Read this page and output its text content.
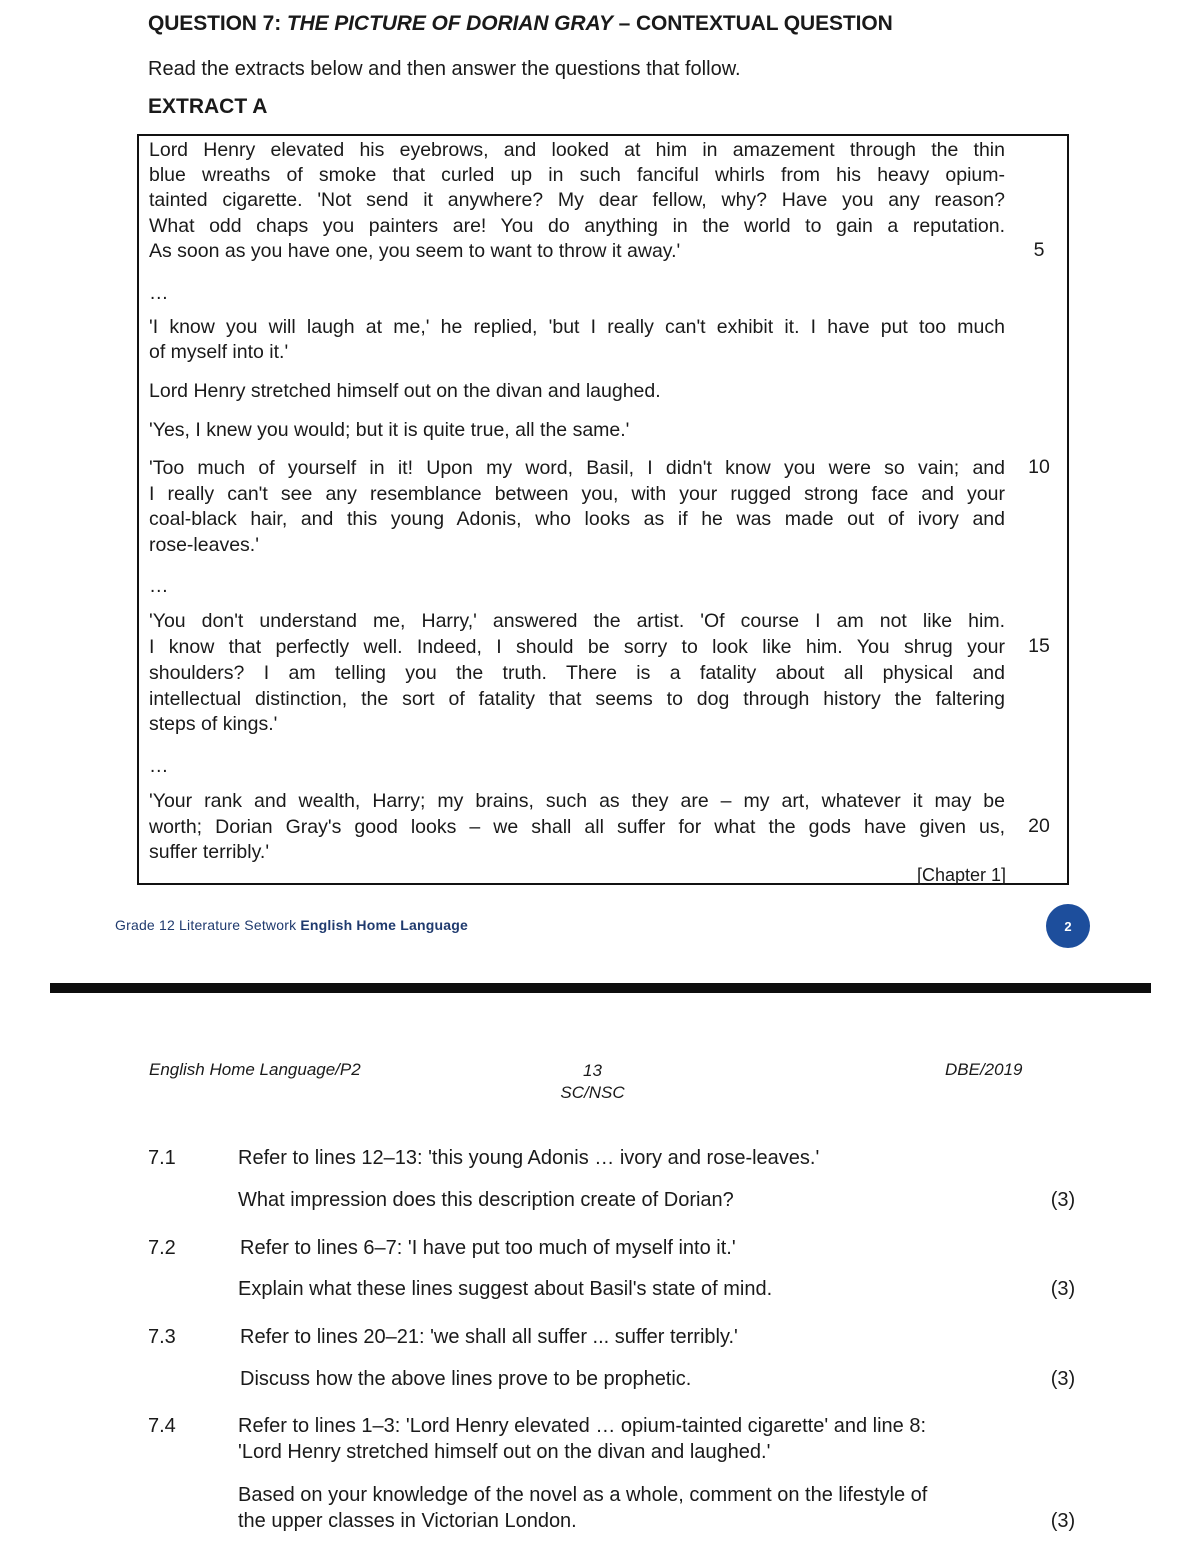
QUESTION 7: THE PICTURE OF DORIAN GRAY – CONTEXTUAL QUESTION
Read the extracts below and then answer the questions that follow.
EXTRACT A
Lord Henry elevated his eyebrows, and looked at him in amazement through the thin
blue wreaths of smoke that curled up in such fanciful whirls from his heavy opium-
tainted cigarette. 'Not send it anywhere? My dear fellow, why? Have you any reason?
What odd chaps you painters are! You do anything in the world to gain a reputation.
As soon as you have one, you seem to want to throw it away.'
…
'I know you will laugh at me,' he replied, 'but I really can't exhibit it. I have put too much
of myself into it.'
Lord Henry stretched himself out on the divan and laughed.
'Yes, I knew you would; but it is quite true, all the same.'
'Too much of yourself in it! Upon my word, Basil, I didn't know you were so vain; and
I really can't see any resemblance between you, with your rugged strong face and your
coal-black hair, and this young Adonis, who looks as if he was made out of ivory and
rose-leaves.'
…
'You don't understand me, Harry,' answered the artist. 'Of course I am not like him.
I know that perfectly well. Indeed, I should be sorry to look like him. You shrug your
shoulders? I am telling you the truth. There is a fatality about all physical and
intellectual distinction, the sort of fatality that seems to dog through history the faltering
steps of kings.'
…
'Your rank and wealth, Harry; my brains, such as they are – my art, whatever it may be
worth; Dorian Gray's good looks – we shall all suffer for what the gods have given us,
suffer terribly.'
5
10
15
20
[Chapter 1]
Grade 12 Literature Setwork English Home Language	2
English Home Language/P2	13
SC/NSC
DBE/2019
7.1	Refer to lines 12–13: 'this young Adonis … ivory and rose-leaves.'
What impression does this description create of Dorian?	(3)
7.2	Refer to lines 6–7: 'I have put too much of myself into it.'
Explain what these lines suggest about Basil's state of mind.	(3)
7.3	Refer to lines 20–21: 'we shall all suffer ... suffer terribly.'
Discuss how the above lines prove to be prophetic.	(3)
7.4	Refer to lines 1–3: 'Lord Henry elevated … opium-tainted cigarette' and line 8:
'Lord Henry stretched himself out on the divan and laughed.'
Based on your knowledge of the novel as a whole, comment on the lifestyle of
the upper classes in Victorian London.	(3)
